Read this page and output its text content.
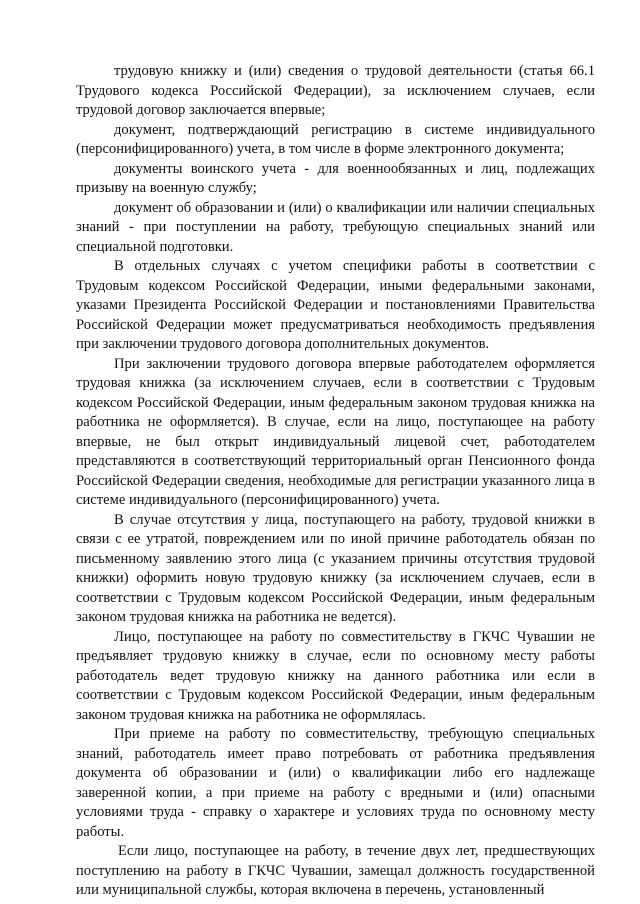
трудовую книжку и (или) сведения о трудовой деятельности (статья 66.1 Трудового кодекса Российской Федерации), за исключением случаев, если трудовой договор заключается впервые;

документ, подтверждающий регистрацию в системе индивидуального (персонифицированного) учета, в том числе в форме электронного документа;

документы воинского учета - для военнообязанных и лиц, подлежащих призыву на военную службу;

документ об образовании и (или) о квалификации или наличии специальных знаний - при поступлении на работу, требующую специальных знаний или специальной подготовки.

В отдельных случаях с учетом специфики работы в соответствии с Трудовым кодексом Российской Федерации, иными федеральными законами, указами Президента Российской Федерации и постановлениями Правительства Российской Федерации может предусматриваться необходимость предъявления при заключении трудового договора дополнительных документов.

При заключении трудового договора впервые работодателем оформляется трудовая книжка (за исключением случаев, если в соответствии с Трудовым кодексом Российской Федерации, иным федеральным законом трудовая книжка на работника не оформляется). В случае, если на лицо, поступающее на работу впервые, не был открыт индивидуальный лицевой счет, работодателем представляются в соответствующий территориальный орган Пенсионного фонда Российской Федерации сведения, необходимые для регистрации указанного лица в системе индивидуального (персонифицированного) учета.

В случае отсутствия у лица, поступающего на работу, трудовой книжки в связи с ее утратой, повреждением или по иной причине работодатель обязан по письменному заявлению этого лица (с указанием причины отсутствия трудовой книжки) оформить новую трудовую книжку (за исключением случаев, если в соответствии с Трудовым кодексом Российской Федерации, иным федеральным законом трудовая книжка на работника не ведется).

Лицо, поступающее на работу по совместительству в ГКЧС Чувашии не предъявляет трудовую книжку в случае, если по основному месту работы работодатель ведет трудовую книжку на данного работника или если в соответствии с Трудовым кодексом Российской Федерации, иным федеральным законом трудовая книжка на работника не оформлялась.

При приеме на работу по совместительству, требующую специальных знаний, работодатель имеет право потребовать от работника предъявления документа об образовании и (или) о квалификации либо его надлежаще заверенной копии, а при приеме на работу с вредными и (или) опасными условиями труда - справку о характере и условиях труда по основному месту работы.

Если лицо, поступающее на работу, в течение двух лет, предшествующих поступлению на работу в ГКЧС Чувашии, замещал должность государственной или муниципальной службы, которая включена в перечень, установленный
